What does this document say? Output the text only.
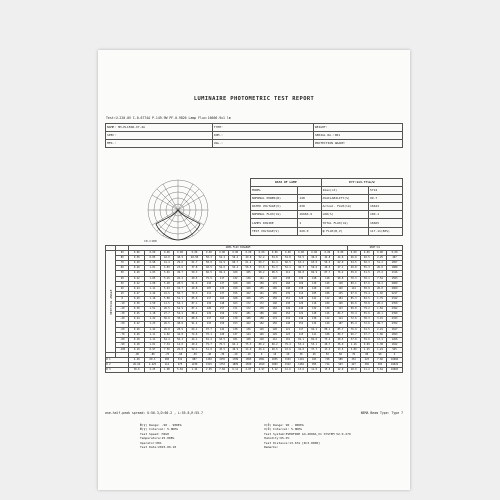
LUMINAIRE PHOTOMETRIC TEST REPORT
Test:U-220.0V I-0.6774A P-149.9W PF-0.9826 Lamp Flux:16666.9x1 lm
NAME: HH-PL150W-XY-4A	TYPE:	WEIGHT:
SPEC:	DOM.:	SERIAL No.:001
MFR.:	UGL.:	PROTECTION GRADE:
C0.C180
DATA OF LAMP		Eff:113.77lm/W	
MODEL		Imax(cd)	5714
NOMINAL POWER(W)	148	AVAILABILITY(%)	99.7
RATED VOLTAGE(V)	230	Actual. FLUX(lm)	16622
NOMINAL FLUX(lm)	16666.9	LOR(%)	100.1
LAMPS INSIDE	1	TOTAL FLUX(lm)	16665
TEST VOLTAGE(V)	220.0	φ FLUX(B,V)	117.11(80%)
		AREA FLUX DIAGRAM																UNIT:lm			
VERTICAL ANGLE	90	0.00	0.00	0.00	0.00	0.00	0.00	0.00	0.00	0.00	0.00	0.00	0.00	0.00	0.00	0.00	0.00	0.00	0.00	0.00	0.00
	80	0.50	0.85	44.0	48.9	48.58	50.3	52.2	50.4	49.8	52.2	54.8	54.8	55.5	49.6	44.8	44.6	46.0	40.5	2.25	497
	70	0.20	0.98	41.4	29.6	61.7	58.0	61.9	60.7	61.4	60.7	61.4	60.5	63.2	63.0	56.5	62.0	54.5	50.3	51.2	1057
	60	0.20	1.01	4.83	23.6	37.8	40.5	52.6	54.4	56.5	53.6	51.3	52.1	40.7	56.6	46.3	47.1	49.8	55.3	26.0	1080
	50	0.20	1.03	5.01	49.7	59.3	66.5	82.4	100	105	98.2	98.5	111	86.8	82.9	87.7	76.2	59.0	51.5	27.2	1316
	40	0.22	1.05	5.15	26.2	40.5	75.5	117	132	136	141	143	138	130	128	118	98.8	70.3	30.1	7.54	1593
	30	0.22	1.08	5.28	28.5	51.6	110	137	168	150	158	174	168	169	130	120	118	89.1	67.6	34.2	2009
	20	0.24	1.11	5.43	34.7	49.8	107	133	150	160	155	165	148	138	120	120	120	114	58.9	26.8	2069
	10	0.27	1.44	41.5	56.7	79.3	111	137	156	162	161	155	139	114	105	108	115	97.9	79.4	1.92	2217
	0	0.29	1.16	5.89	51.1	85.0	117	163	168	168	175	159	151	128	121	112	104	85.3	84.5	1.79	2322
	-10	0.30	1.50	11.5	54.1	87.1	119	148	163	172	172	148	138	120	116	109	120	96.6	78.8	20.2	2350
	-20	0.30	1.51	26.5	54.9	87.1	120	157	171	172	178	163	149	140	132	130	113	99.8	79.2	1.84	2392
	-30	0.25	1.18	27.7	54.2	88.4	119	156	172	181	189	146	154	122	128	116	84.7	70.4	55.6	26.1	2390
	-40	0.24	1.22	56.6	38.6	88.6	117	163	170	180	158	174	132	146	130	112	114	72.6	38.3	3.19	2343
	-50	0.22	1.23	26.5	48.8	91.4	115	150	153	162	162	159	148	151	134	120	107	85.4	72.6	49.7	2352
	-60	0.20	1.42	26.8	28.9	64.1	97.7	142	138	136	129	128	121	117	94.2	88.1	85.7	76.9	34.5	2.24	1817
	-70	0.20	1.11	4.82	44.8	74.6	76.1	120	137	144	146	129	123	115	111	108	89.7	60.7	37.7	1.66	1693
	-80	0.18	1.11	64.4	56.3	44.1	81.4	93.5	101	108	118	112	101	92.1	82.0	75.2	48.5	37.8	39.6	13.4	1266
	-90	0.18	1.01	7.34	14.0	40.2	79.7	75.5	64.1	75.3	80.2	60.2	79.4	53.4	53.1	48.7	36.9	1.16	0.99	1.38	1022
	-100	0.19	0.97	7.50	26.8	52.1	51.0	45.5	49.9	24.0	40.4	48.5	43.6	42.0	37.7	13.3	13.5	3.89	1.25	1.24	545
		-90	-80	-70	-60	-50	-40	-30	-20	-10	0	10	20	30	40	50	60	70	80	90	Σ
Φ 1		4.49	69.3	200	532	887	1250	1555	1789	1895	1891	1835	1503	1191	943	748	588	332	223	7.60	16666
Φ 2		26.64	2.225	114	475	1230	1515	1753	1809	1830	1810	1803	1522	1282	955	714	563	427	365	303	16622
Φ 3		36.6	2.25	1.98	5.82	1.24	2.05	7.84	6.11	4.87	4.97	5.12	12.6	13.6	11.0	15.0	12.0	18.0	11.2	5.64	16665
one-half-peak spread: U:56.3,D:60.2 , L:55.8,R:55.7	NEMA Beam Type: Type 7
Φ(γ) Range: -90 - 90DEG
Φ(γ) Interval: 5.0DEG
Test Speed: HIGH
Temperature:25.0DEG
Operator:001
Test Date:2015-09-10
V(θ) Range: 90 - 90DEG
V(θ) Interval: 5.0DEG
Test System:EVERFINE GO-2000A_V1 SYSTEM V2.0.279
Humidity:65.0%
Test Distance:13.67m [R=3.0000]
Remarks:
